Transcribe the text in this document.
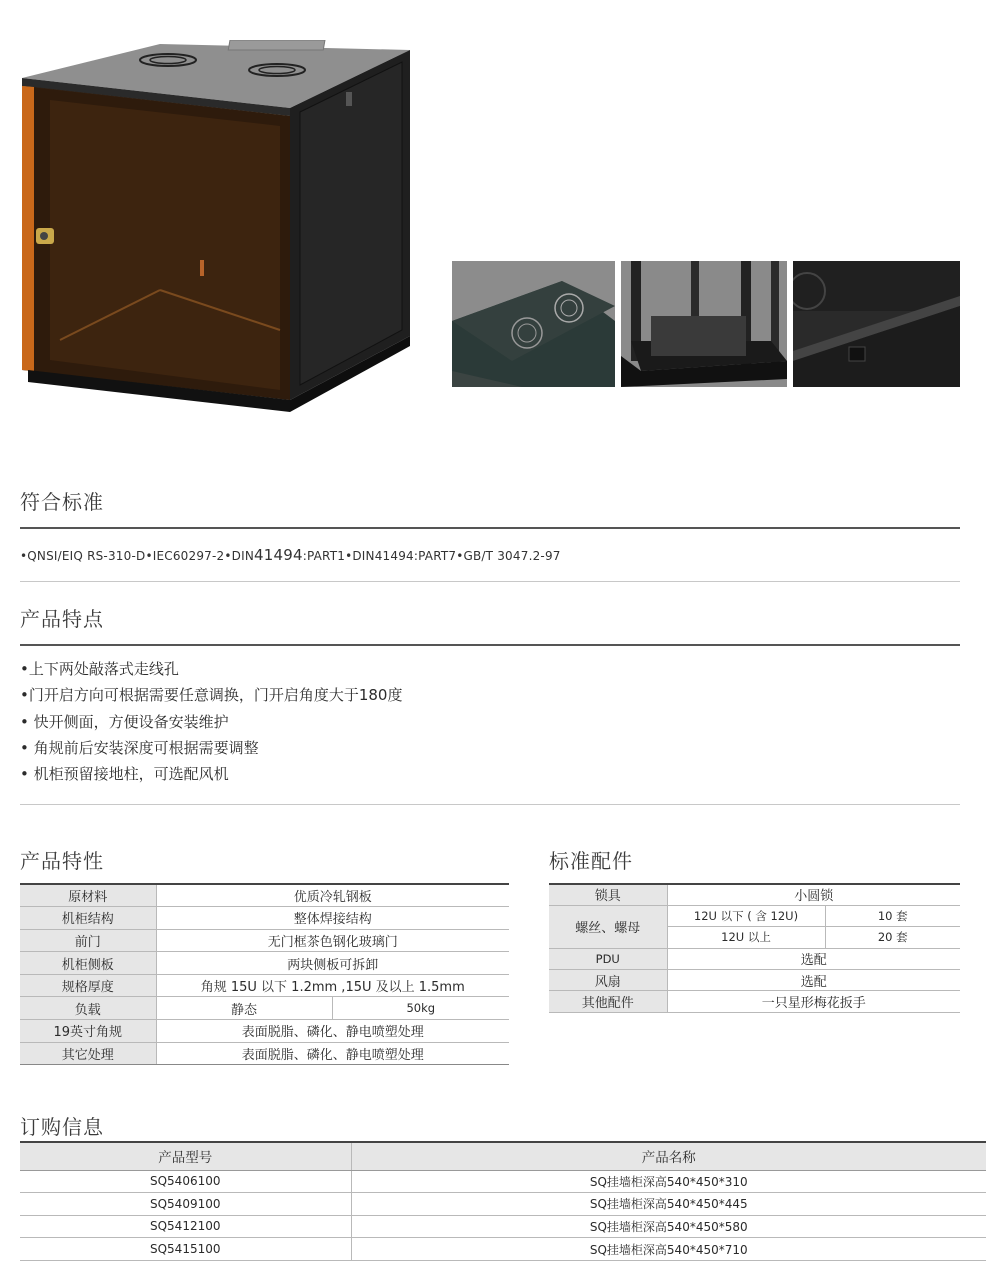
符合标准
•QNSI/EIQ RS-310-D•IEC60297-2•DIN41494:PART1•DIN41494:PART7•GB/T 3047.2-97
产品特点
•上下两处敲落式走线孔
•门开启方向可根据需要任意调换，门开启角度大于180度
• 快开侧面，方便设备安装维护
• 角规前后安装深度可根据需要调整
• 机柜预留接地柱，可选配风机
产品特性
原材料	优质冷轧钢板	
机柜结构	整体焊接结构	
前门	无门框茶色钢化玻璃门	
机柜侧板	两块侧板可拆卸	
规格厚度	角规 15U 以下 1.2mm ,15U 及以上 1.5mm	
负载	静态	50kg
19英寸角规	表面脱脂、磷化、静电喷塑处理	
其它处理	表面脱脂、磷化、静电喷塑处理	
标准配件
锁具	小圆锁	
螺丝、螺母	12U 以下 ( 含 12U)	10 套
	12U 以上	20 套
PDU	选配	
风扇	选配	
其他配件	一只星形梅花扳手	
订购信息
产品型号	产品名称
SQ5406100	SQ挂墙柜深高540*450*310
SQ5409100	SQ挂墙柜深高540*450*445
SQ5412100	SQ挂墙柜深高540*450*580
SQ5415100	SQ挂墙柜深高540*450*710
